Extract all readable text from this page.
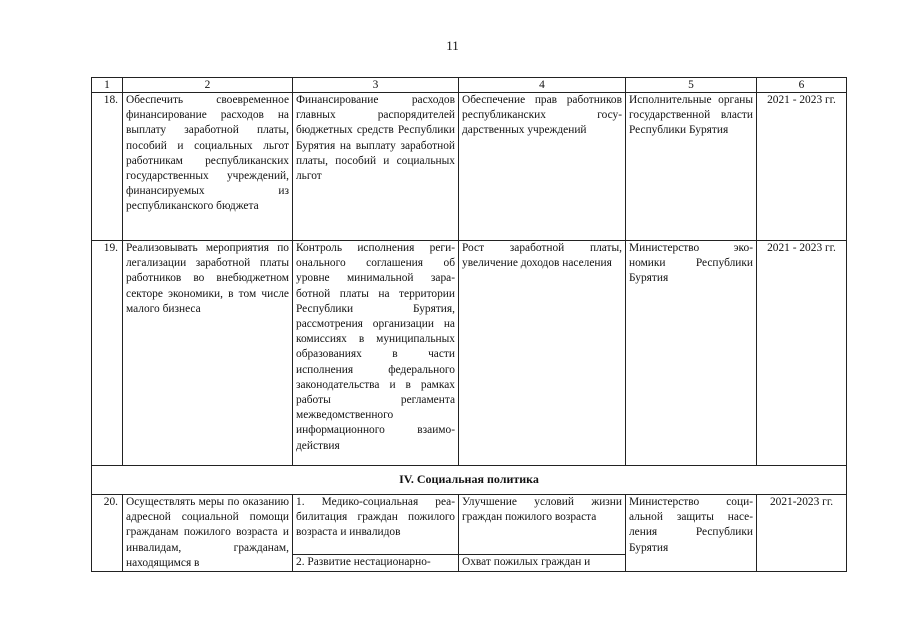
11
1	2	3	4	5	6
18.	Обеспечить своевременное финансирование расходов на выплату заработной платы, пособий и социальных льгот работникам республиканских государственных учреждений, финансируемых из республиканского бюджета	Финансирование расходов главных распорядителей бюджетных средств Республики Бурятия на выплату заработной платы, пособий и социальных льгот	Обеспечение прав работников республиканских государственных учреждений	Исполнительные органы государственной власти Республики Бурятия	2021 - 2023 гг.
19.	Реализовывать мероприятия по легализации заработной платы работников во внебюджетном секторе экономики, в том числе малого бизнеса	Контроль исполнения регионального соглашения об уровне минимальной заработной платы на территории Республики Бурятия, рассмотрения организации на комиссиях в муниципальных образованиях в части исполнения федерального законодательства и в рамках работы регламента межведомственного информационного взаимодействия	Рост заработной платы, увеличение доходов населения	Министерство экономики Республики Бурятия	2021 - 2023 гг.
IV. Социальная политика					
20.	Осуществлять меры по оказанию адресной социальной помощи гражданам пожилого возраста и инвалидам, гражданам, находящимся в	1. Медико-социальная реабилитация граждан пожилого возраста и инвалидов	Улучшение условий жизни граждан пожилого возраста	Министерство социальной защиты населения Республики Бурятия	2021-2023 гг.
		2. Развитие нестационарно-	Охват пожилых граждан и		
